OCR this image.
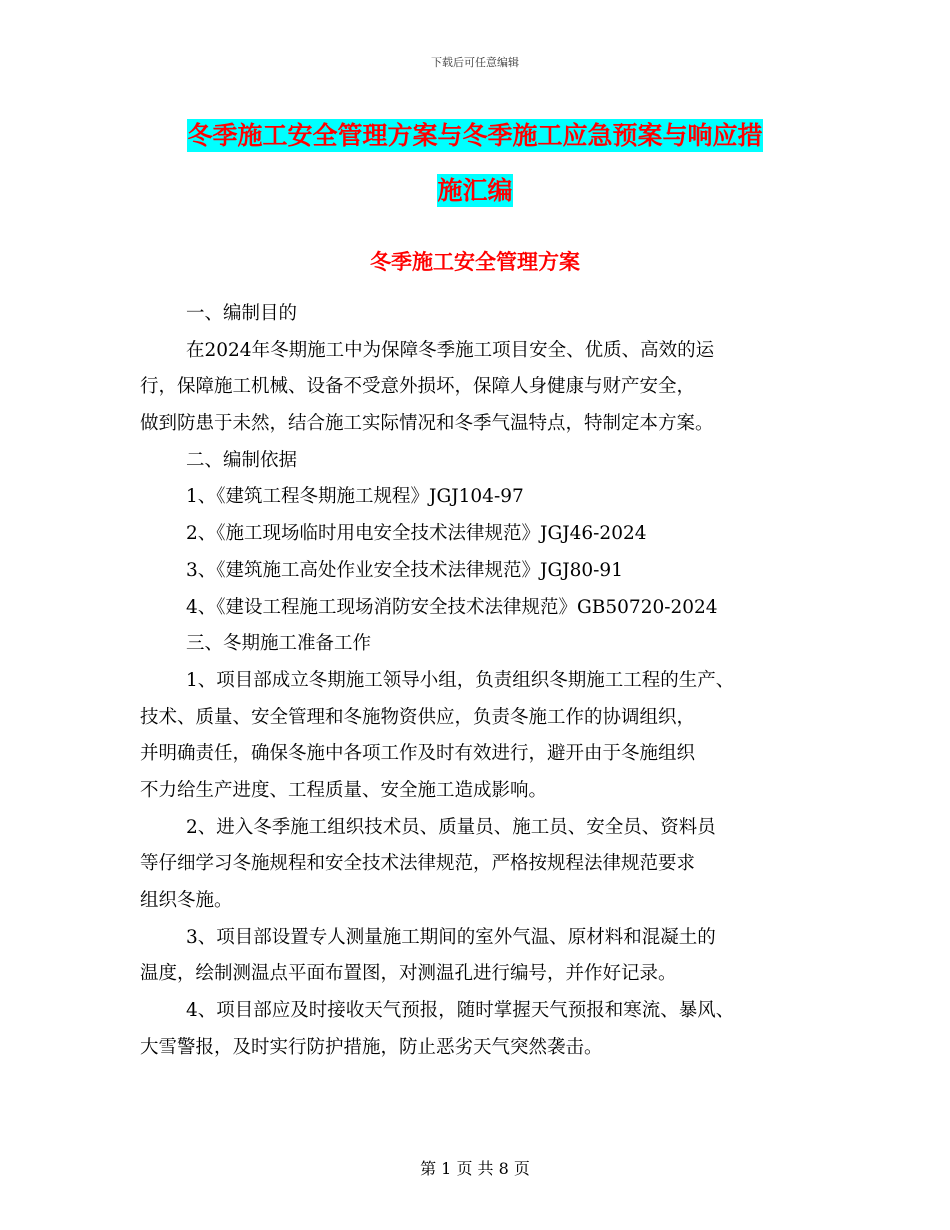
下载后可任意编辑
冬季施工安全管理方案与冬季施工应急预案与响应措
施汇编
冬季施工安全管理方案
一、编制目的
在2024年冬期施工中为保障冬季施工项目安全、优质、高效的运
行，保障施工机械、设备不受意外损坏，保障人身健康与财产安全，
做到防患于未然，结合施工实际情况和冬季气温特点，特制定本方案。
二、编制依据
1、《建筑工程冬期施工规程》JGJ104-97
2、《施工现场临时用电安全技术法律规范》JGJ46-2024
3、《建筑施工高处作业安全技术法律规范》JGJ80-91
4、《建设工程施工现场消防安全技术法律规范》GB50720-2024
三、冬期施工准备工作
1、项目部成立冬期施工领导小组，负责组织冬期施工工程的生产、
技术、质量、安全管理和冬施物资供应，负责冬施工作的协调组织，
并明确责任，确保冬施中各项工作及时有效进行，避开由于冬施组织
不力给生产进度、工程质量、安全施工造成影响。
2、进入冬季施工组织技术员、质量员、施工员、安全员、资料员
等仔细学习冬施规程和安全技术法律规范，严格按规程法律规范要求
组织冬施。
3、项目部设置专人测量施工期间的室外气温、原材料和混凝土的
温度，绘制测温点平面布置图，对测温孔进行编号，并作好记录。
4、项目部应及时接收天气预报，随时掌握天气预报和寒流、暴风、
大雪警报，及时实行防护措施，防止恶劣天气突然袭击。
第 1 页 共 8 页
